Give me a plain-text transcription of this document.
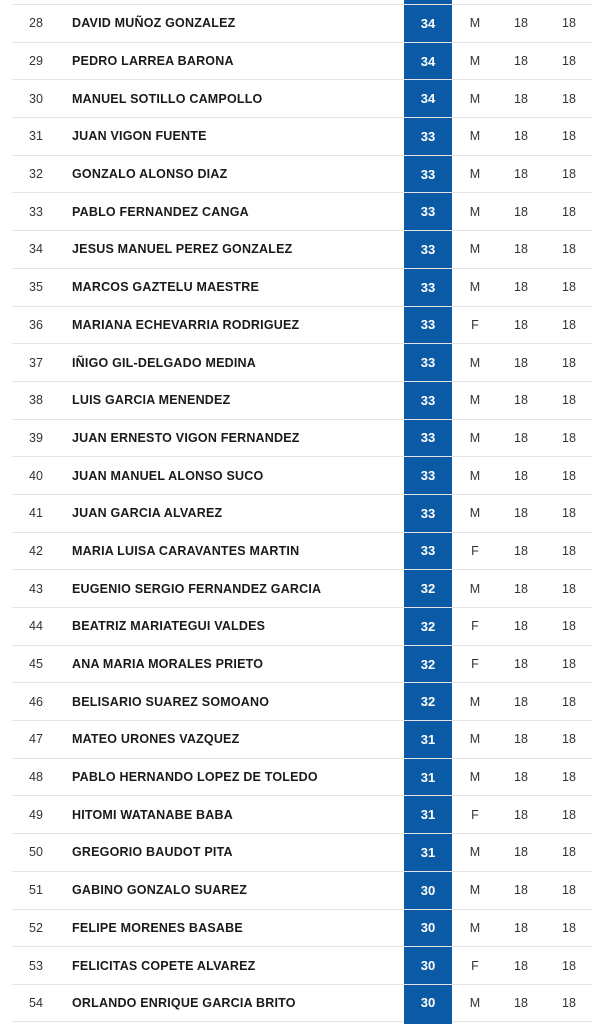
28	DAVID MUÑOZ GONZALEZ	34	M	18	18
29	PEDRO LARREA BARONA	34	M	18	18
30	MANUEL SOTILLO CAMPOLLO	34	M	18	18
31	JUAN VIGON FUENTE	33	M	18	18
32	GONZALO ALONSO DIAZ	33	M	18	18
33	PABLO FERNANDEZ CANGA	33	M	18	18
34	JESUS MANUEL PEREZ GONZALEZ	33	M	18	18
35	MARCOS GAZTELU MAESTRE	33	M	18	18
36	MARIANA ECHEVARRIA RODRIGUEZ	33	F	18	18
37	IÑIGO GIL-DELGADO MEDINA	33	M	18	18
38	LUIS GARCIA MENENDEZ	33	M	18	18
39	JUAN ERNESTO VIGON FERNANDEZ	33	M	18	18
40	JUAN MANUEL ALONSO SUCO	33	M	18	18
41	JUAN GARCIA ALVAREZ	33	M	18	18
42	MARIA LUISA CARAVANTES MARTIN	33	F	18	18
43	EUGENIO SERGIO FERNANDEZ GARCIA	32	M	18	18
44	BEATRIZ MARIATEGUI VALDES	32	F	18	18
45	ANA MARIA MORALES PRIETO	32	F	18	18
46	BELISARIO SUAREZ SOMOANO	32	M	18	18
47	MATEO URONES VAZQUEZ	31	M	18	18
48	PABLO HERNANDO LOPEZ DE TOLEDO	31	M	18	18
49	HITOMI WATANABE BABA	31	F	18	18
50	GREGORIO BAUDOT PITA	31	M	18	18
51	GABINO GONZALO SUAREZ	30	M	18	18
52	FELIPE MORENES BASABE	30	M	18	18
53	FELICITAS COPETE ALVAREZ	30	F	18	18
54	ORLANDO ENRIQUE GARCIA BRITO	30	M	18	18
